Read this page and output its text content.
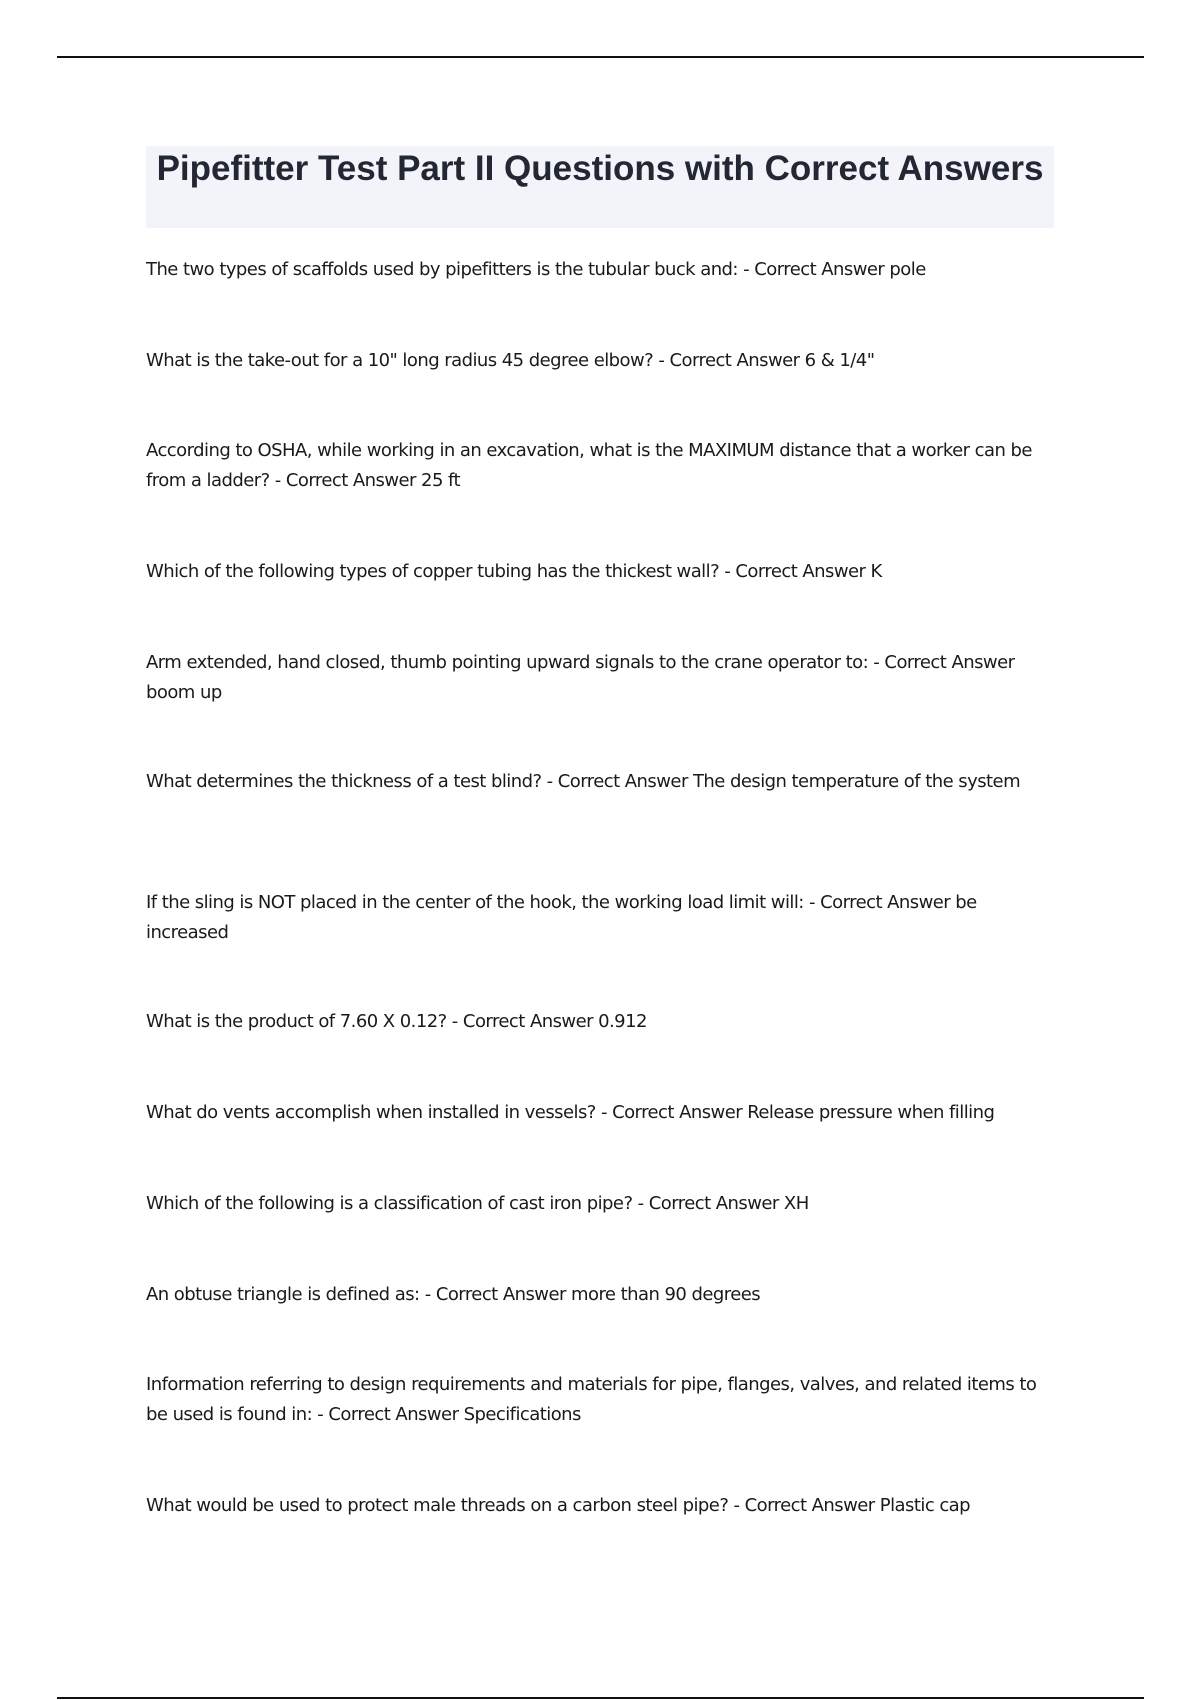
Pipefitter Test Part II Questions with Correct Answers

The two types of scaffolds used by pipefitters is the tubular buck and: - Correct Answer pole

What is the take-out for a 10" long radius 45 degree elbow? - Correct Answer 6 & 1/4"

According to OSHA, while working in an excavation, what is the MAXIMUM distance that a worker can be from a ladder? - Correct Answer 25 ft

Which of the following types of copper tubing has the thickest wall? - Correct Answer K

Arm extended, hand closed, thumb pointing upward signals to the crane operator to: - Correct Answer boom up

What determines the thickness of a test blind? - Correct Answer The design temperature of the system

If the sling is NOT placed in the center of the hook, the working load limit will: - Correct Answer be increased

What is the product of 7.60 X 0.12? - Correct Answer 0.912

What do vents accomplish when installed in vessels? - Correct Answer Release pressure when filling

Which of the following is a classification of cast iron pipe? - Correct Answer XH

An obtuse triangle is defined as: - Correct Answer more than 90 degrees

Information referring to design requirements and materials for pipe, flanges, valves, and related items to be used is found in: - Correct Answer Specifications

What would be used to protect male threads on a carbon steel pipe? - Correct Answer Plastic cap
